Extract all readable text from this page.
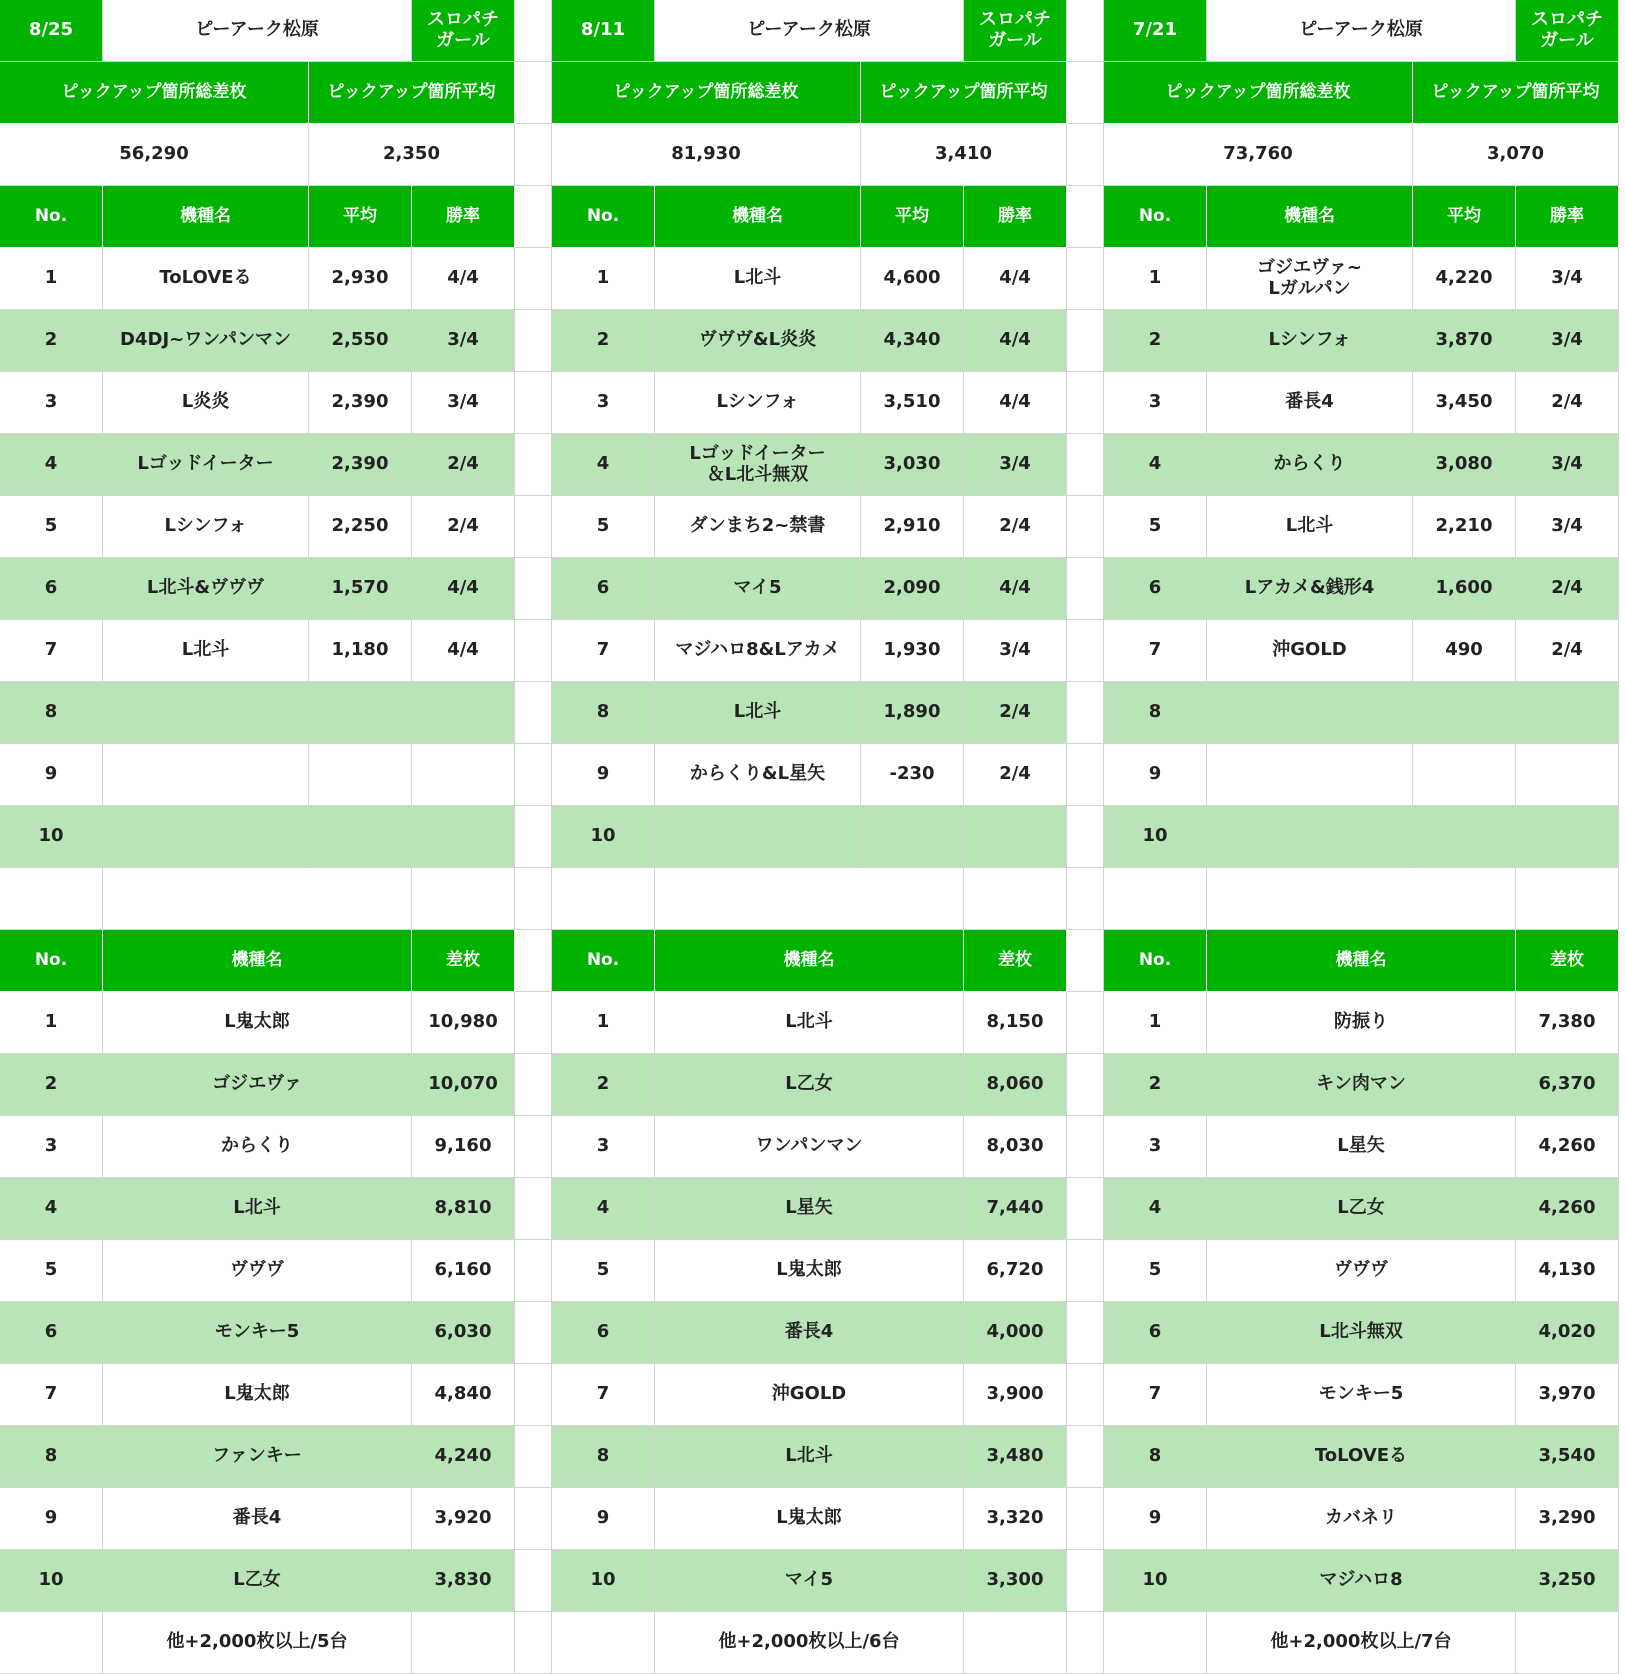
8/25	ピーアーク松原	スロパチ
ガール
ピックアップ箇所総差枚	ピックアップ箇所平均
56,290	2,350
No.	機種名	平均	勝率
1	ToLOVEる	2,930	4/4
2	D4DJ~ワンパンマン	2,550	3/4
3	L炎炎	2,390	3/4
4	Lゴッドイーター	2,390	2/4
5	Lシンフォ	2,250	2/4
6	L北斗&ヴヴヴ	1,570	4/4
7	L北斗	1,180	4/4
8
9
10
No.	機種名	差枚
1	L鬼太郎	10,980
2	ゴジエヴァ	10,070
3	からくり	9,160
4	L北斗	8,810
5	ヴヴヴ	6,160
6	モンキー5	6,030
7	L鬼太郎	4,840
8	ファンキー	4,240
9	番長4	3,920
10	L乙女	3,830
他+2,000枚以上/5台
8/11	ピーアーク松原	スロパチ
ガール
ピックアップ箇所総差枚	ピックアップ箇所平均
81,930	3,410
No.	機種名	平均	勝率
1	L北斗	4,600	4/4
2	ヴヴヴ&L炎炎	4,340	4/4
3	Lシンフォ	3,510	4/4
4	Lゴッドイーター
＆L北斗無双	3,030	3/4
5	ダンまち2~禁書	2,910	2/4
6	マイ5	2,090	4/4
7	マジハロ8&Lアカメ	1,930	3/4
8	L北斗	1,890	2/4
9	からくり&L星矢	-230	2/4
10
No.	機種名	差枚
1	L北斗	8,150
2	L乙女	8,060
3	ワンパンマン	8,030
4	L星矢	7,440
5	L鬼太郎	6,720
6	番長4	4,000
7	沖GOLD	3,900
8	L北斗	3,480
9	L鬼太郎	3,320
10	マイ5	3,300
他+2,000枚以上/6台
7/21	ピーアーク松原	スロパチ
ガール
ピックアップ箇所総差枚	ピックアップ箇所平均
73,760	3,070
No.	機種名	平均	勝率
1	ゴジエヴァ~
Lガルパン	4,220	3/4
2	Lシンフォ	3,870	3/4
3	番長4	3,450	2/4
4	からくり	3,080	3/4
5	L北斗	2,210	3/4
6	Lアカメ&銭形4	1,600	2/4
7	沖GOLD	490	2/4
8
9
10
No.	機種名	差枚
1	防振り	7,380
2	キン肉マン	6,370
3	L星矢	4,260
4	L乙女	4,260
5	ヴヴヴ	4,130
6	L北斗無双	4,020
7	モンキー5	3,970
8	ToLOVEる	3,540
9	カバネリ	3,290
10	マジハロ8	3,250
他+2,000枚以上/7台
